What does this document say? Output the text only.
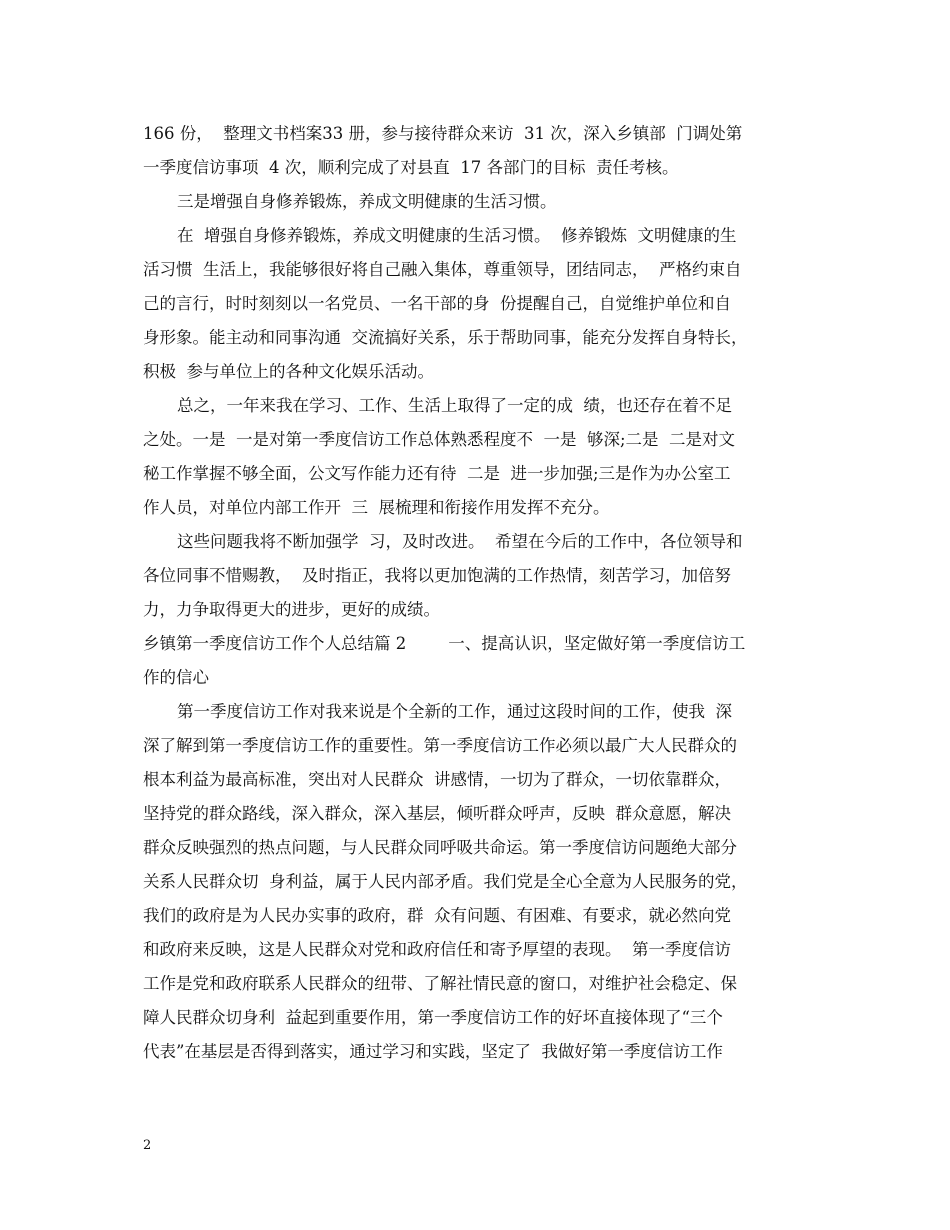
166 份，  整理文书档案33 册，参与接待群众来访  31 次，深入乡镇部  门调处第
一季度信访事项  4 次，顺利完成了对县直  17 各部门的目标  责任考核。
三是增强自身修养锻炼，养成文明健康的生活习惯。
在  增强自身修养锻炼，养成文明健康的生活习惯。  修养锻炼  文明健康的生
活习惯  生活上，我能够很好将自己融入集体，尊重领导，团结同志，  严格约束自
己的言行，时时刻刻以一名党员、一名干部的身  份提醒自己，自觉维护单位和自
身形象。能主动和同事沟通  交流搞好关系，乐于帮助同事，能充分发挥自身特长，
积极  参与单位上的各种文化娱乐活动。
总之，一年来我在学习、工作、生活上取得了一定的成  绩，也还存在着不足
之处。一是  一是对第一季度信访工作总体熟悉程度不  一是  够深;二是  二是对文
秘工作掌握不够全面，公文写作能力还有待  二是  进一步加强;三是作为办公室工
作人员，对单位内部工作开  三  展梳理和衔接作用发挥不充分。
这些问题我将不断加强学  习，及时改进。  希望在今后的工作中，各位领导和
各位同事不惜赐教，  及时指正，我将以更加饱满的工作热情，刻苦学习，加倍努
力，力争取得更大的进步，更好的成绩。
乡镇第一季度信访工作个人总结篇 2        一、提高认识，坚定做好第一季度信访工
作的信心
第一季度信访工作对我来说是个全新的工作，通过这段时间的工作，使我  深
深了解到第一季度信访工作的重要性。第一季度信访工作必须以最广大人民群众的
根本利益为最高标准，突出对人民群众  讲感情，一切为了群众，一切依靠群众，
坚持党的群众路线，深入群众，深入基层，倾听群众呼声，反映  群众意愿，解决
群众反映强烈的热点问题，与人民群众同呼吸共命运。第一季度信访问题绝大部分
关系人民群众切  身利益，属于人民内部矛盾。我们党是全心全意为人民服务的党，
我们的政府是为人民办实事的政府，群  众有问题、有困难、有要求，就必然向党
和政府来反映，这是人民群众对党和政府信任和寄予厚望的表现。  第一季度信访
工作是党和政府联系人民群众的纽带、了解社情民意的窗口，对维护社会稳定、保
障人民群众切身利  益起到重要作用，第一季度信访工作的好坏直接体现了“三个
代表”在基层是否得到落实，通过学习和实践，坚定了  我做好第一季度信访工作
2
